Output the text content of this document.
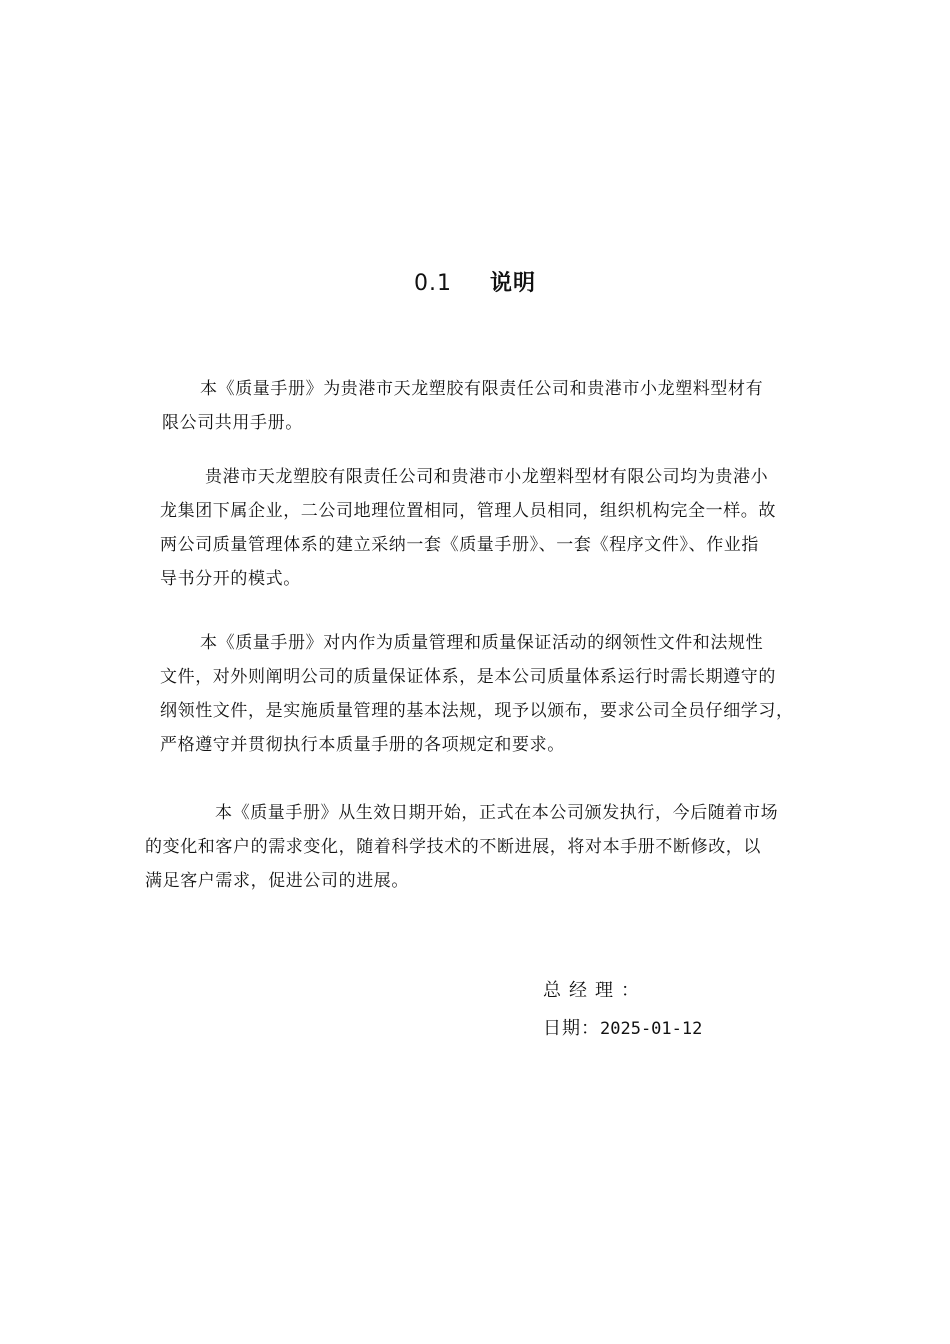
0.1 说明

本《质量手册》为贵港市天龙塑胶有限责任公司和贵港市小龙塑料型材有
限公司共用手册。

贵港市天龙塑胶有限责任公司和贵港市小龙塑料型材有限公司均为贵港小
龙集团下属企业，二公司地理位置相同，管理人员相同，组织机构完全一样。故
两公司质量管理体系的建立采纳一套《质量手册》、一套《程序文件》、作业指
导书分开的模式。

本《质量手册》对内作为质量管理和质量保证活动的纲领性文件和法规性
文件，对外则阐明公司的质量保证体系，是本公司质量体系运行时需长期遵守的
纲领性文件，是实施质量管理的基本法规，现予以颁布，要求公司全员仔细学习，
严格遵守并贯彻执行本质量手册的各项规定和要求。

本《质量手册》从生效日期开始，正式在本公司颁发执行，今后随着市场
的变化和客户的需求变化，随着科学技术的不断进展，将对本手册不断修改，以
满足客户需求，促进公司的进展。

总经理：
日期：2025-01-12
